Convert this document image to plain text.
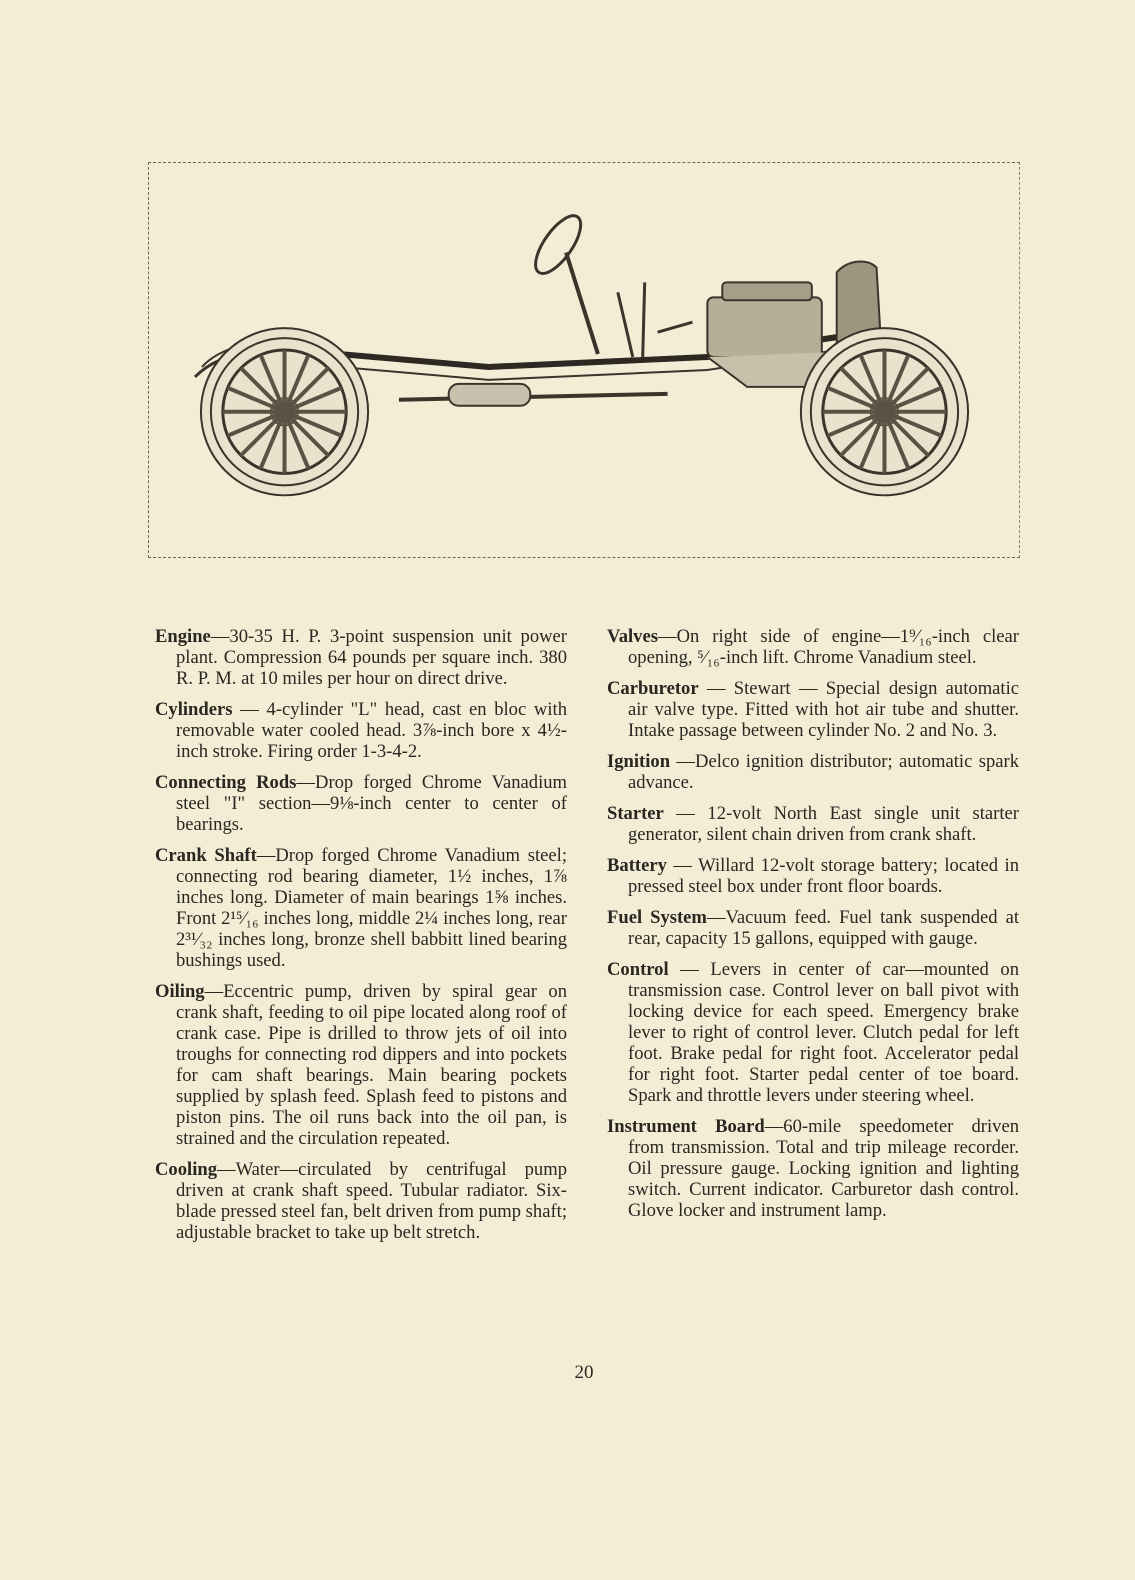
Engine—30-35 H. P. 3-point suspension unit power plant. Compression 64 pounds per square inch. 380 R. P. M. at 10 miles per hour on direct drive.

Cylinders — 4-cylinder "L" head, cast en bloc with removable water cooled head. 3⅞-inch bore x 4½-inch stroke. Firing order 1-3-4-2.

Connecting Rods—Drop forged Chrome Vanadium steel "I" section—9⅛-inch center to center of bearings.

Crank Shaft—Drop forged Chrome Vanadium steel; connecting rod bearing diameter, 1½ inches, 1⅞ inches long. Diameter of main bearings 1⅝ inches. Front 2¹⁵⁄₁₆ inches long, middle 2¼ inches long, rear 2³¹⁄₃₂ inches long, bronze shell babbitt lined bearing bushings used.

Oiling—Eccentric pump, driven by spiral gear on crank shaft, feeding to oil pipe located along roof of crank case. Pipe is drilled to throw jets of oil into troughs for connecting rod dippers and into pockets for cam shaft bearings. Main bearing pockets supplied by splash feed. Splash feed to pistons and piston pins. The oil runs back into the oil pan, is strained and the circulation repeated.

Cooling—Water—circulated by centrifugal pump driven at crank shaft speed. Tubular radiator. Six-blade pressed steel fan, belt driven from pump shaft; adjustable bracket to take up belt stretch.

Valves—On right side of engine—1⁹⁄₁₆-inch clear opening, ⁵⁄₁₆-inch lift. Chrome Vanadium steel.

Carburetor — Stewart — Special design automatic air valve type. Fitted with hot air tube and shutter. Intake passage between cylinder No. 2 and No. 3.

Ignition —Delco ignition distributor; automatic spark advance.

Starter — 12-volt North East single unit starter generator, silent chain driven from crank shaft.

Battery — Willard 12-volt storage battery; located in pressed steel box under front floor boards.

Fuel System—Vacuum feed. Fuel tank suspended at rear, capacity 15 gallons, equipped with gauge.

Control — Levers in center of car—mounted on transmission case. Control lever on ball pivot with locking device for each speed. Emergency brake lever to right of control lever. Clutch pedal for left foot. Brake pedal for right foot. Accelerator pedal for right foot. Starter pedal center of toe board. Spark and throttle levers under steering wheel.

Instrument Board—60-mile speedometer driven from transmission. Total and trip mileage recorder. Oil pressure gauge. Locking ignition and lighting switch. Current indicator. Carburetor dash control. Glove locker and instrument lamp.

20
